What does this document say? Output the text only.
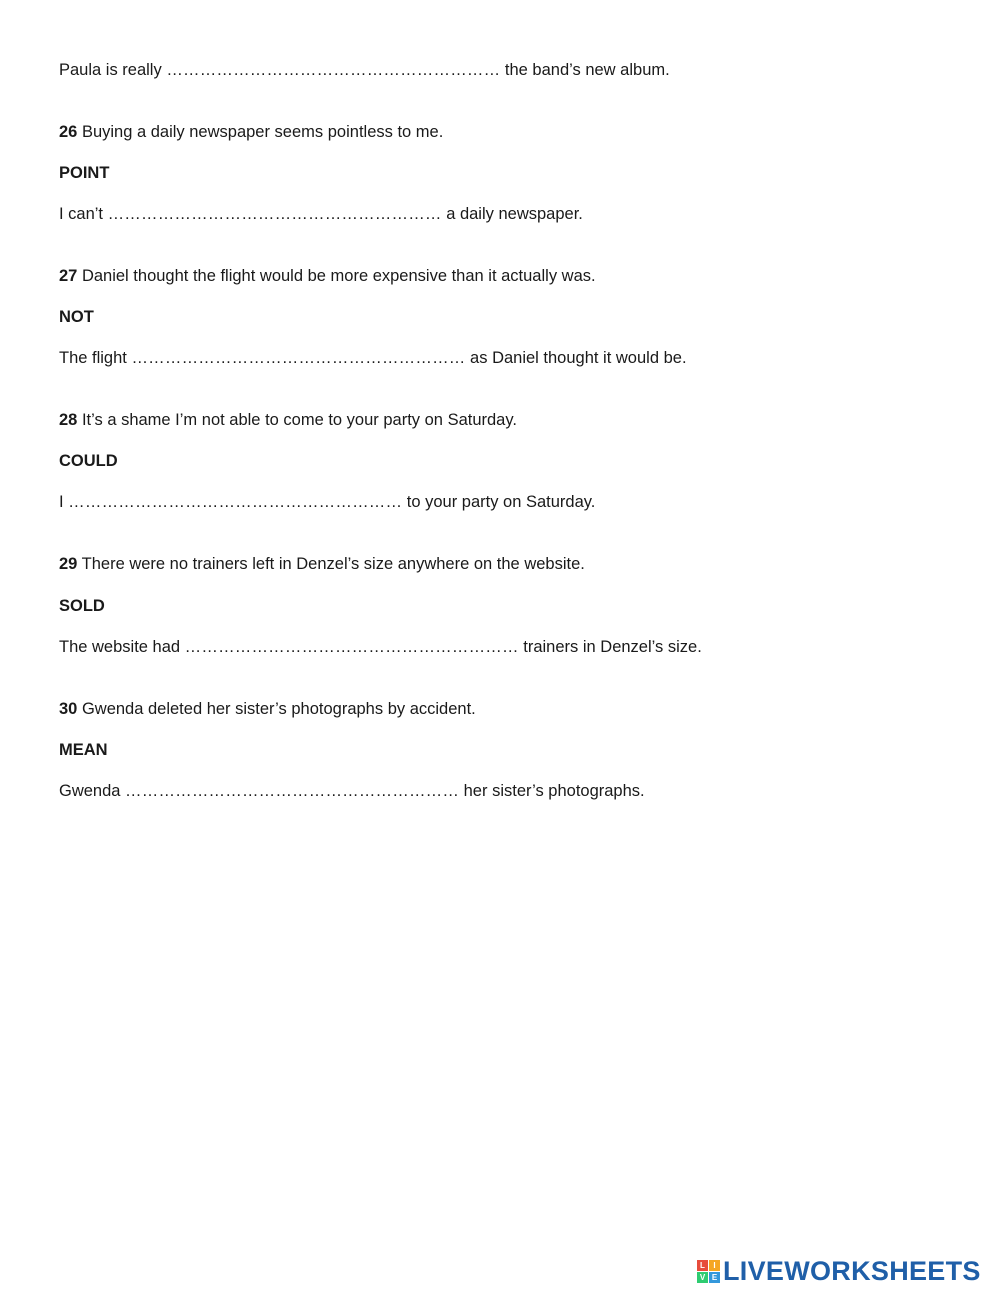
Paula is really …………………………………………………… the band’s new album.

26 Buying a daily newspaper seems pointless to me.

POINT

I can’t …………………………………………………… a daily newspaper.

27 Daniel thought the flight would be more expensive than it actually was.

NOT

The flight …………………………………………………… as Daniel thought it would be.

28 It’s a shame I’m not able to come to your party on Saturday.

COULD

I …………………………………………………… to your party on Saturday.

29 There were no trainers left in Denzel’s size anywhere on the website.

SOLD

The website had …………………………………………………… trainers in Denzel’s size.

30 Gwenda deleted her sister’s photographs by accident.

MEAN

Gwenda …………………………………………………… her sister’s photographs.

L	I
V E LIVEWORKSHEETS
